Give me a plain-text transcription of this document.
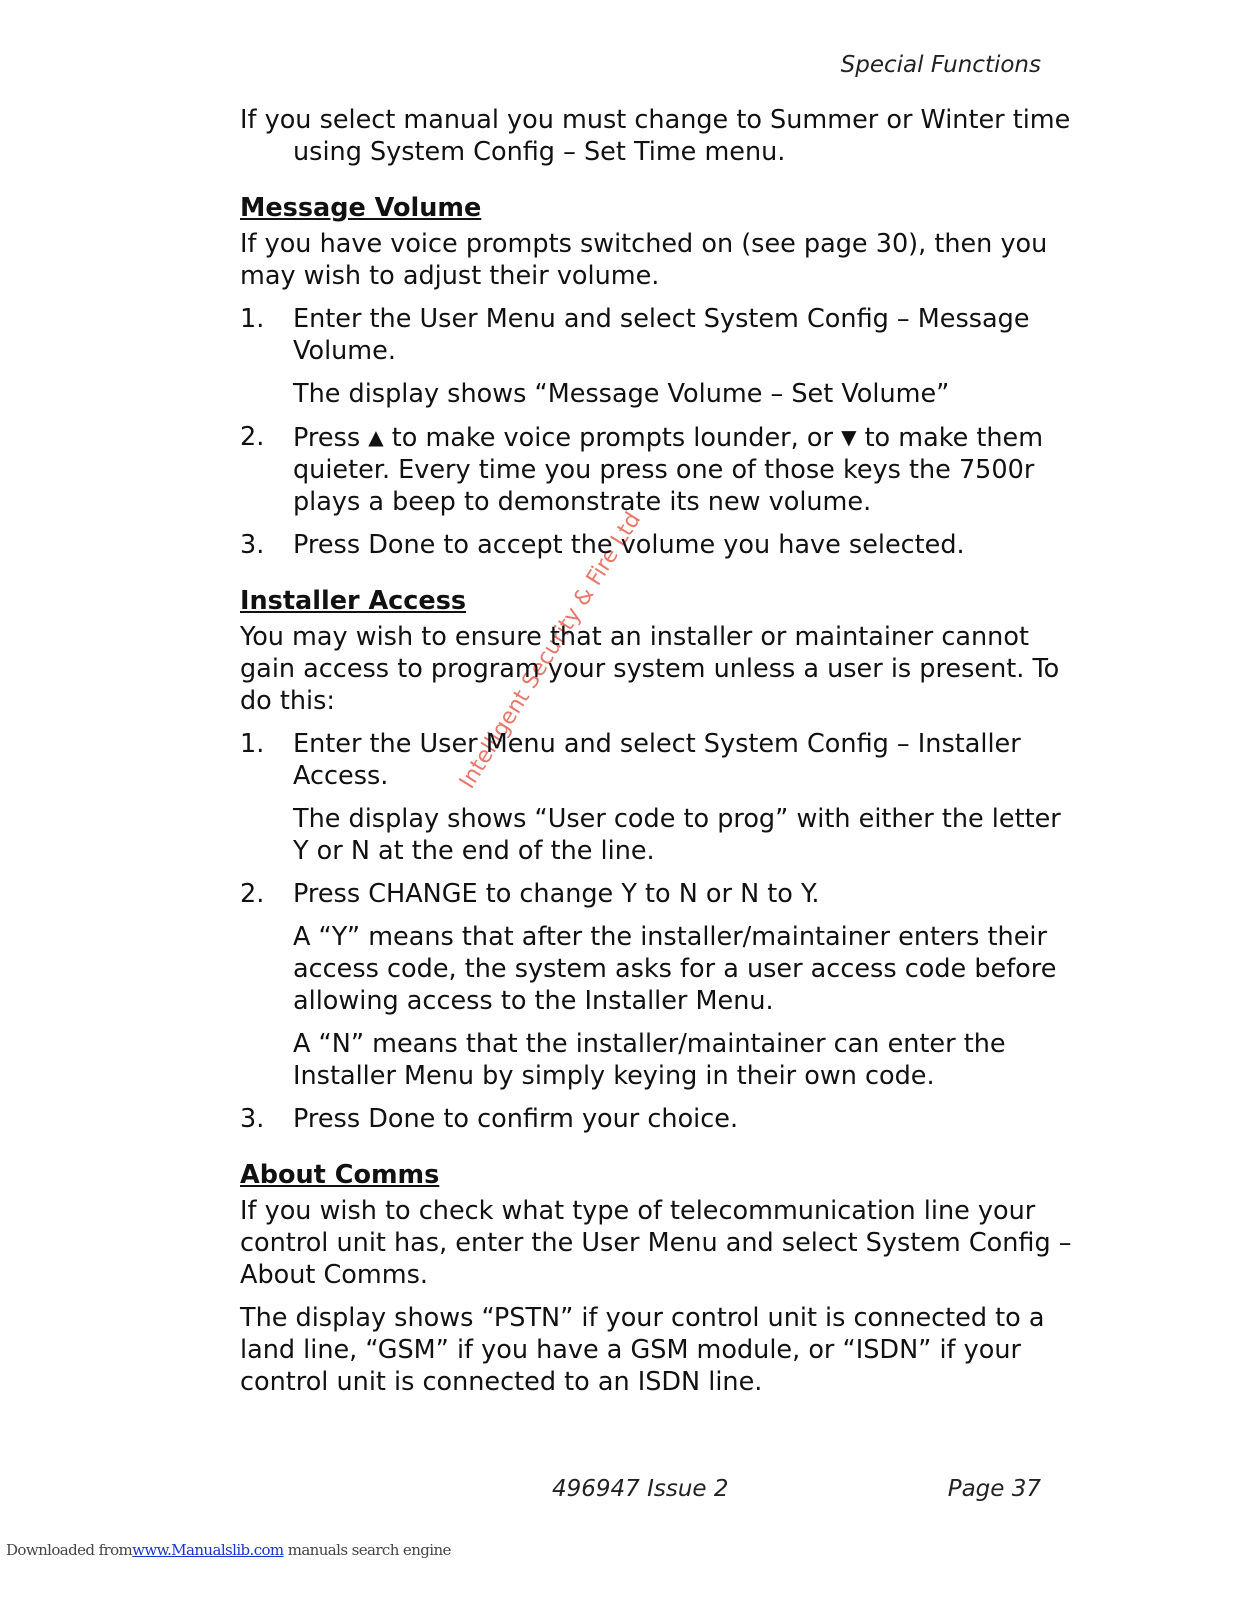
Special Functions
Intelligent Security & Fire Ltd

If you select manual you must change to Summer or Winter time using System Config – Set Time menu.

Message Volume

If you have voice prompts switched on (see page 30), then you may wish to adjust their volume.

1.	Enter the User Menu and select System Config – Message Volume.

The display shows “Message Volume – Set Volume”

2.	Press ▲ to make voice prompts lounder, or ▼ to make them quieter. Every time you press one of those keys the 7500r plays a beep to demonstrate its new volume.
3.	Press Done to accept the volume you have selected.
Installer Access

You may wish to ensure that an installer or maintainer cannot gain access to program your system unless a user is present. To do this:

1.	Enter the User Menu and select System Config – Installer Access.

The display shows “User code to prog” with either the letter Y or N at the end of the line.

2.	Press CHANGE to change Y to N or N to Y.

A “Y” means that after the installer/maintainer enters their access code, the system asks for a user access code before allowing access to the Installer Menu.

A “N” means that the installer/maintainer can enter the Installer Menu by simply keying in their own code.

3.	Press Done to confirm your choice.
About Comms

If you wish to check what type of telecommunication line your control unit has, enter the User Menu and select System Config – About Comms.

The display shows “PSTN” if your control unit is connected to a land line, “GSM” if you have a GSM module, or “ISDN” if your control unit is connected to an ISDN line.

496947 Issue 2	Page 37
Downloaded fromwww.Manualslib.com manuals search engine
